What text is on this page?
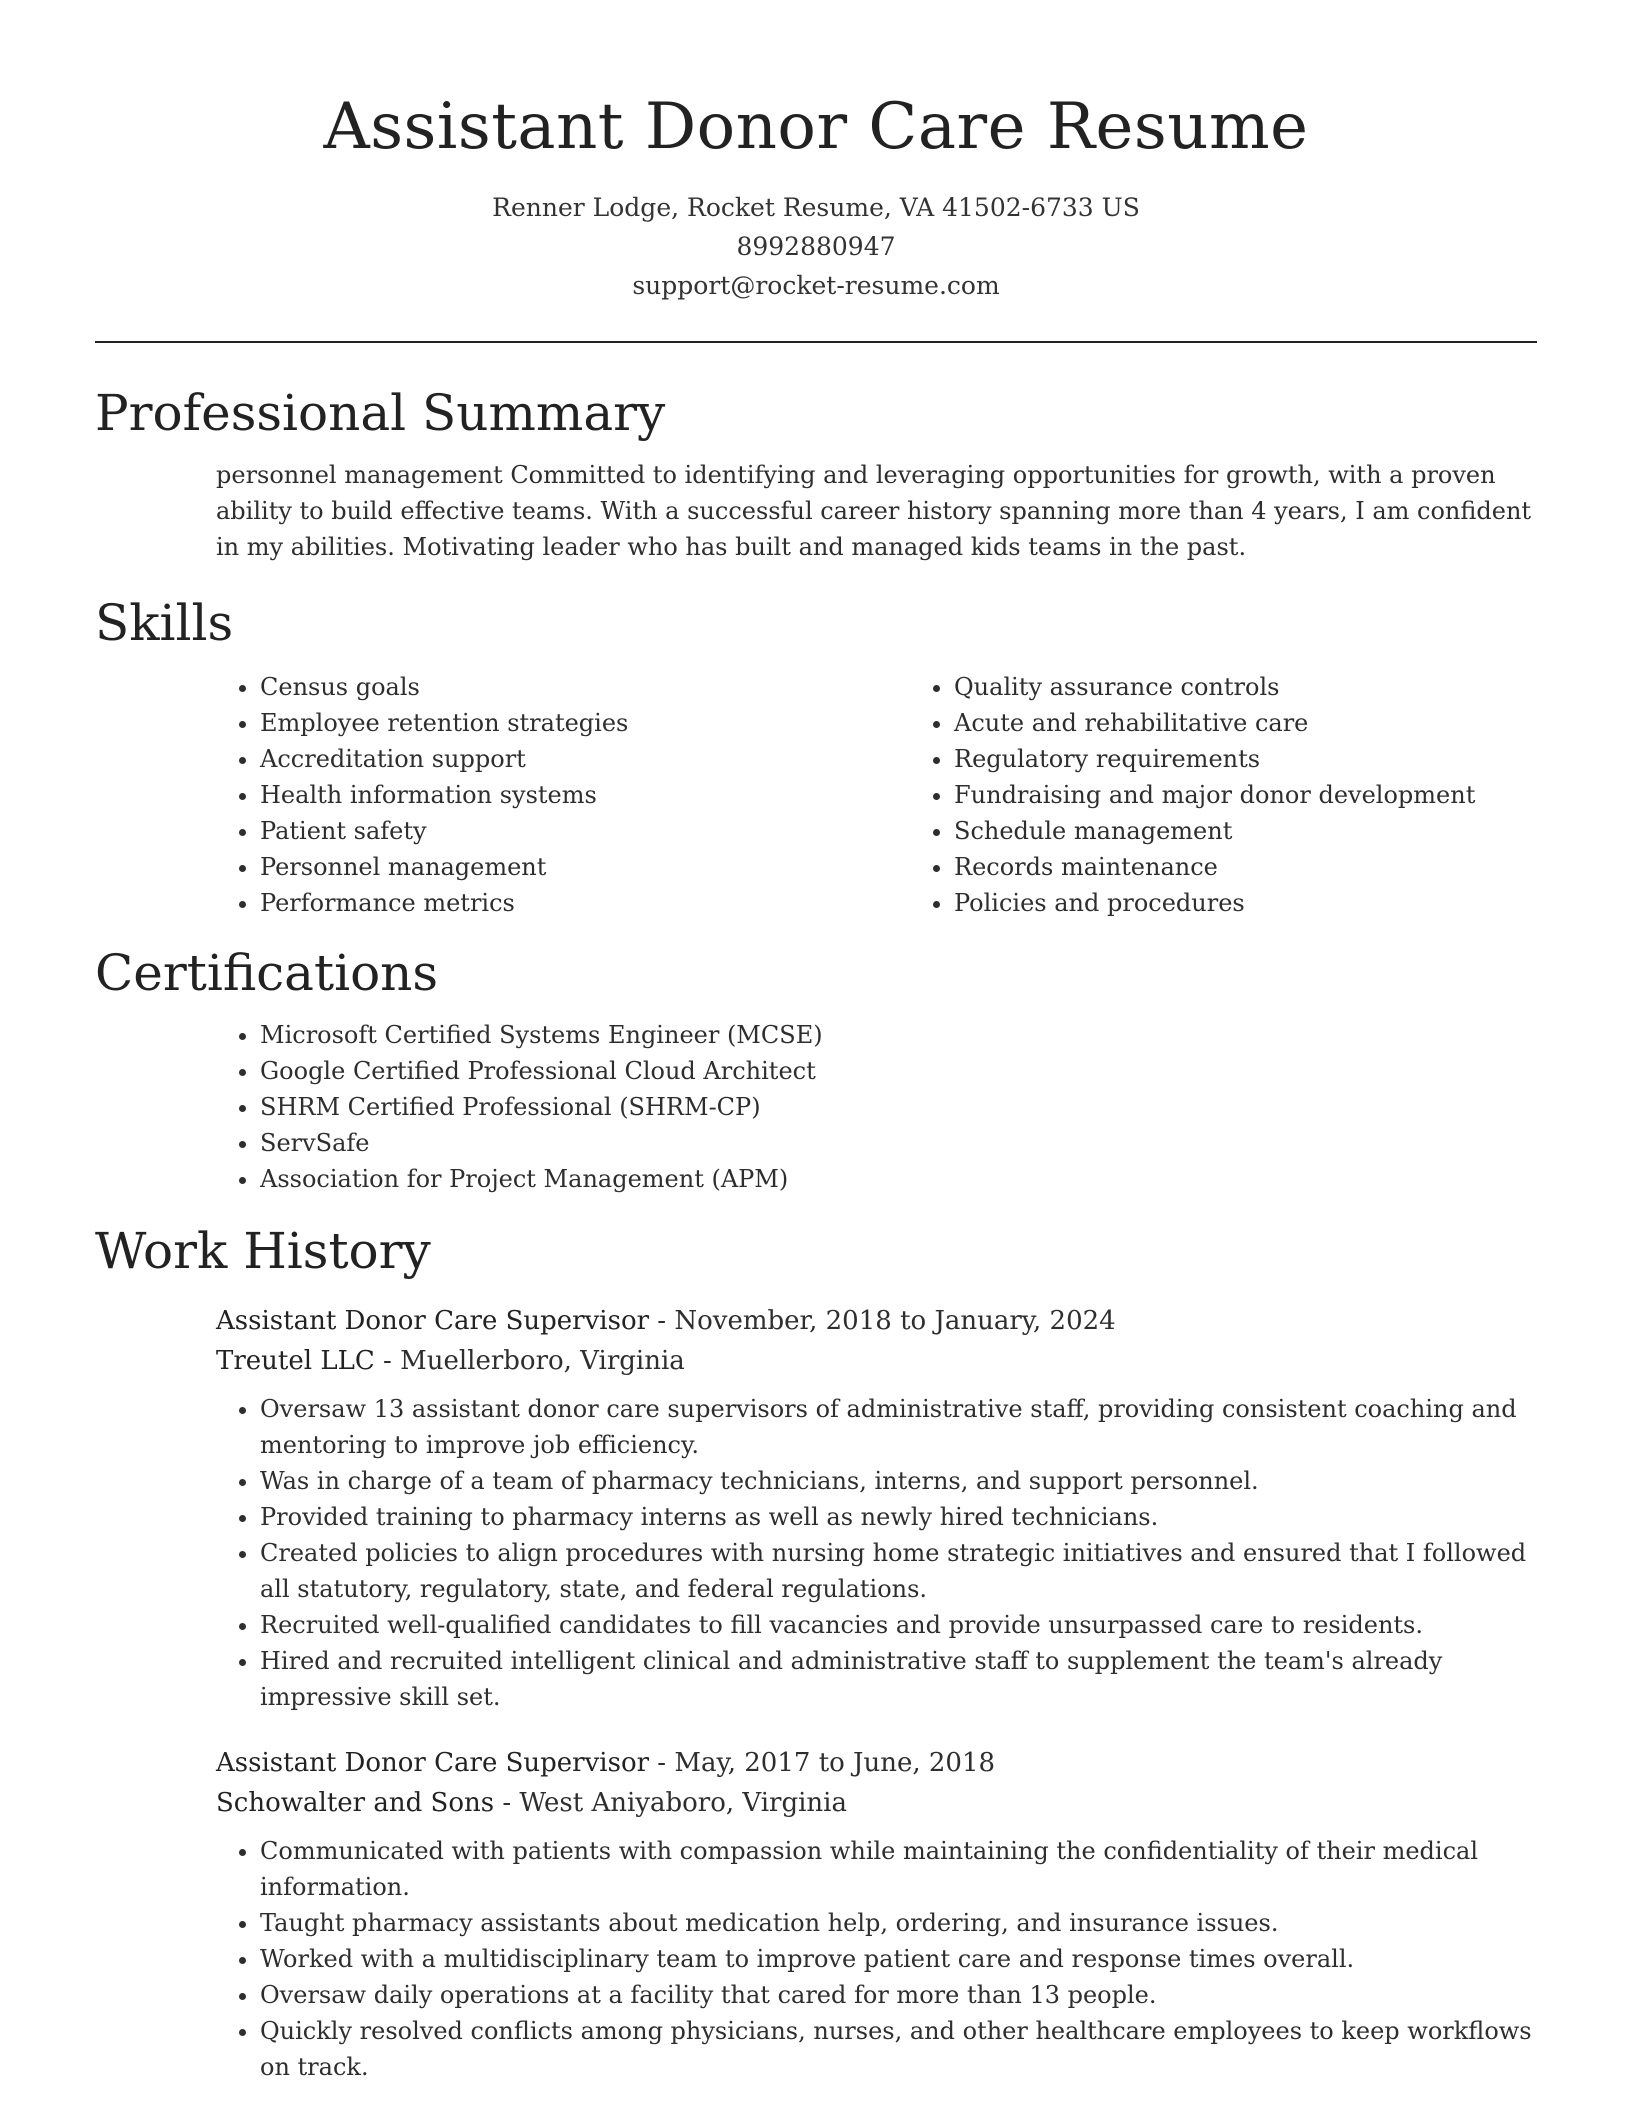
Assistant Donor Care Resume
Renner Lodge, Rocket Resume, VA 41502-6733 US
8992880947
support@rocket-resume.com
Professional Summary

personnel management Committed to identifying and leveraging opportunities for growth, with a proven ability to build effective teams. With a successful career history spanning more than 4 years, I am confident in my abilities. Motivating leader who has built and managed kids teams in the past.

Skills
• Census goals
• Employee retention strategies
• Accreditation support
• Health information systems
• Patient safety
• Personnel management
• Performance metrics
• Quality assurance controls
• Acute and rehabilitative care
• Regulatory requirements
• Fundraising and major donor development
• Schedule management
• Records maintenance
• Policies and procedures
Certifications
• Microsoft Certified Systems Engineer (MCSE)
• Google Certified Professional Cloud Architect
• SHRM Certified Professional (SHRM-CP)
• ServSafe
• Association for Project Management (APM)
Work History
Assistant Donor Care Supervisor - November, 2018 to January, 2024
Treutel LLC - Muellerboro, Virginia
• Oversaw 13 assistant donor care supervisors of administrative staff, providing consistent coaching and mentoring to improve job efficiency.
• Was in charge of a team of pharmacy technicians, interns, and support personnel.
• Provided training to pharmacy interns as well as newly hired technicians.
• Created policies to align procedures with nursing home strategic initiatives and ensured that I followed all statutory, regulatory, state, and federal regulations.
• Recruited well-qualified candidates to fill vacancies and provide unsurpassed care to residents.
• Hired and recruited intelligent clinical and administrative staff to supplement the team's already impressive skill set.
Assistant Donor Care Supervisor - May, 2017 to June, 2018
Schowalter and Sons - West Aniyaboro, Virginia
• Communicated with patients with compassion while maintaining the confidentiality of their medical information.
• Taught pharmacy assistants about medication help, ordering, and insurance issues.
• Worked with a multidisciplinary team to improve patient care and response times overall.
• Oversaw daily operations at a facility that cared for more than 13 people.
• Quickly resolved conflicts among physicians, nurses, and other healthcare employees to keep workflows on track.
